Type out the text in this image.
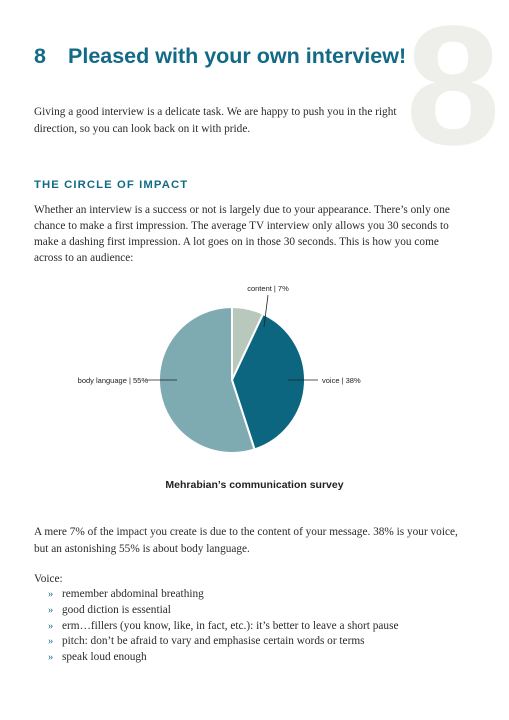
8
8 Pleased with your own interview!
Giving a good interview is a delicate task. We are happy to push you in the right direction, so you can look back on it with pride.
THE CIRCLE OF IMPACT
Whether an interview is a success or not is largely due to your appearance. There’s only one chance to make a first impression. The average TV interview only allows you 30 seconds to make a dashing first impression. A lot goes on in those 30 seconds. This is how you come across to an audience:
content | 7%
voice | 38%
body language | 55%
Mehrabian’s communication survey
A mere 7% of the impact you create is due to the content of your message. 38% is your voice, but an astonishing 55% is about body language.
Voice:
» remember abdominal breathing
» good diction is essential
» erm…fillers (you know, like, in fact, etc.): it’s better to leave a short pause
» pitch: don’t be afraid to vary and emphasise certain words or terms
» speak loud enough
